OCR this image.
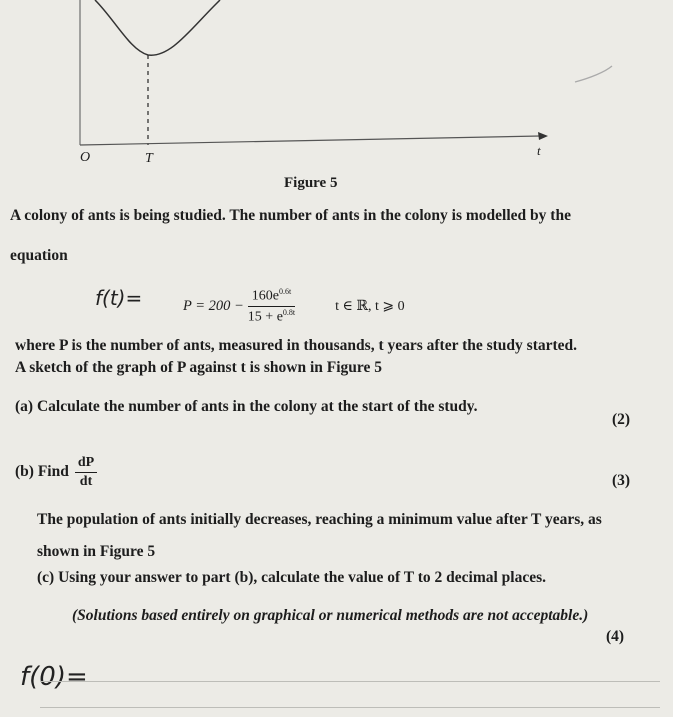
O	T
t
Figure 5
A colony of ants is being studied. The number of ants in the colony is modelled by the
equation
f(t)=	$P = 200 - \frac{160e^{0.6t}}{15 + e^{0.8t}}$	t ∈ ℝ, t ⩾ 0
where P is the number of ants, measured in thousands, t years after the study started.
A sketch of the graph of P against t is shown in Figure 5
(a) Calculate the number of ants in the colony at the start of the study.
(2)
(b) Find $\frac{dP}{dt}$	(3)
The population of ants initially decreases, reaching a minimum value after T years, as
shown in Figure 5
(c) Using your answer to part (b), calculate the value of T to 2 decimal places.
(Solutions based entirely on graphical or numerical methods are not acceptable.)
(4)
f(0)=
